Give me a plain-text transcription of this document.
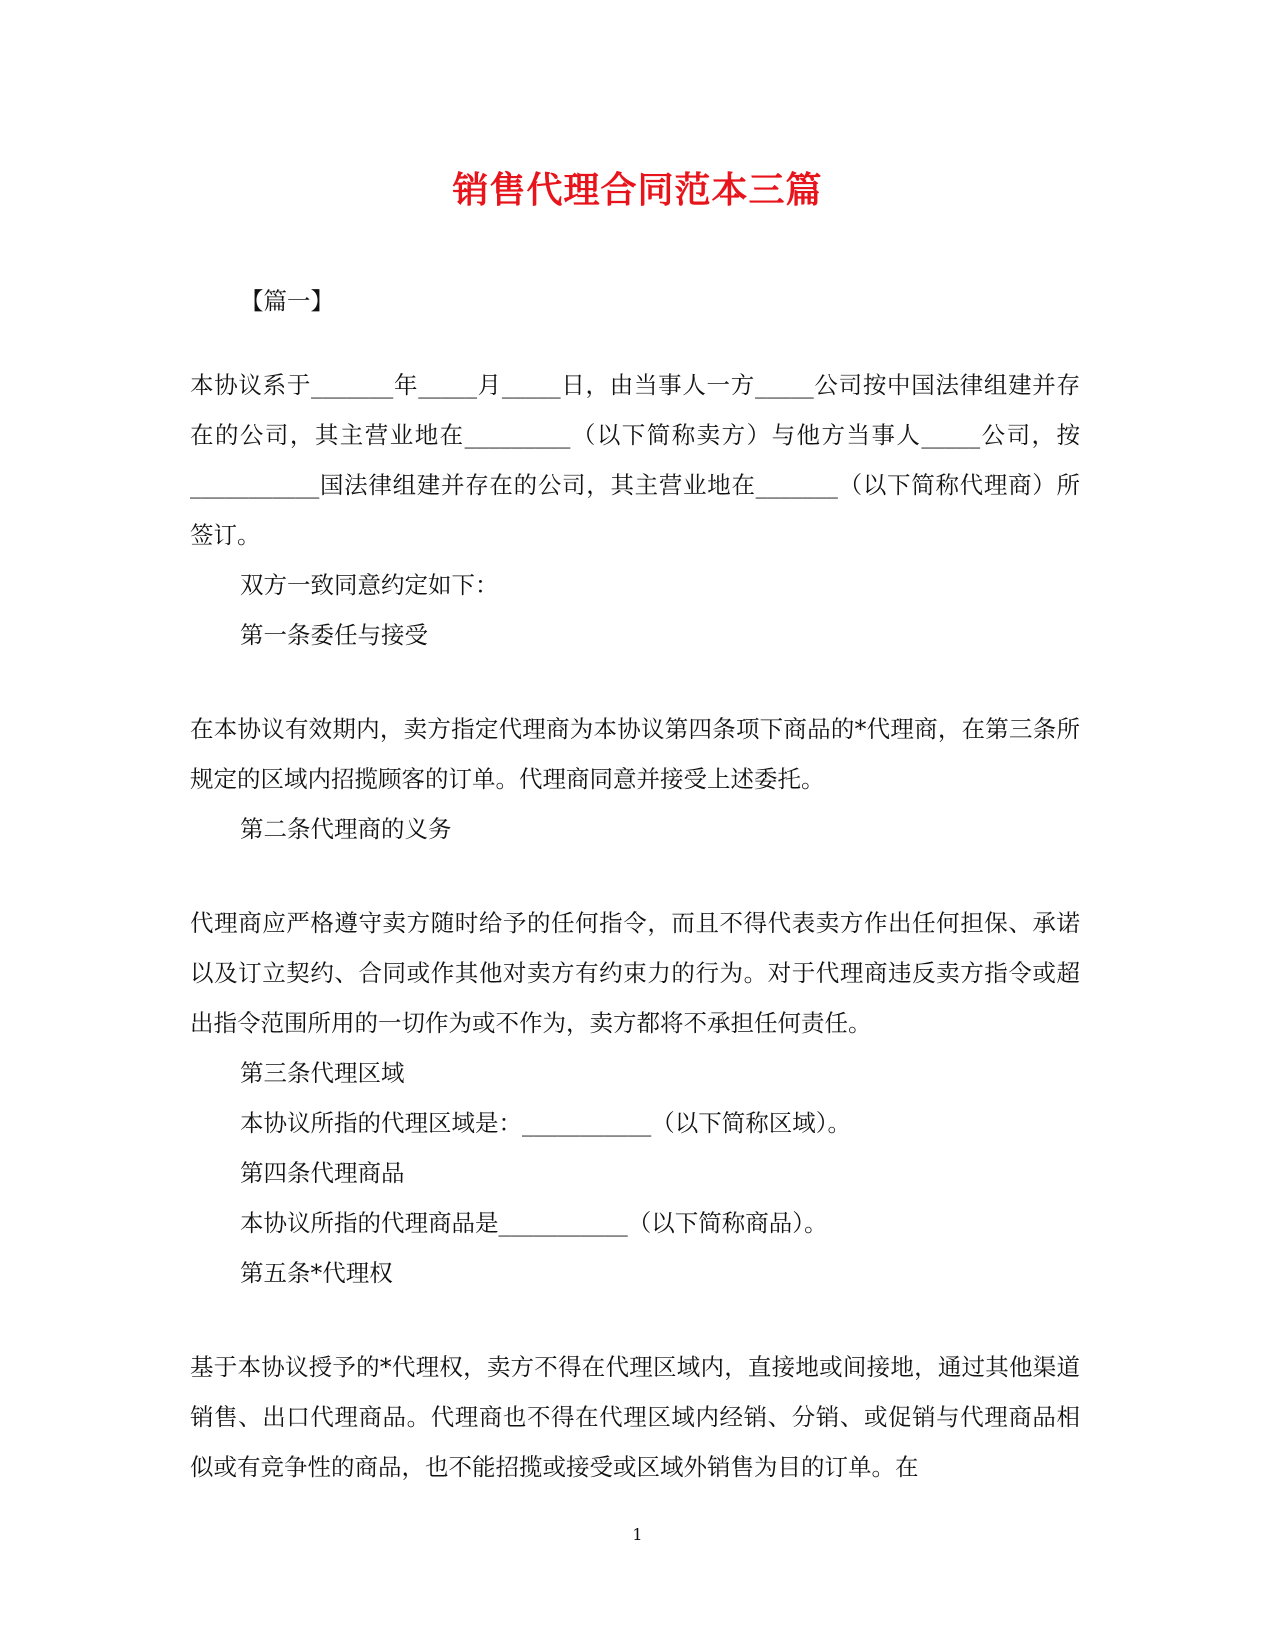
销售代理合同范本三篇

【篇一】

本协议系于_______年_____月_____日，由当事人一方_____公司按中国法律组建并存在的公司，其主营业地在_________（以下简称卖方）与他方当事人_____公司，按___________国法律组建并存在的公司，其主营业地在_______（以下简称代理商）所签订。

双方一致同意约定如下：

第一条委任与接受

在本协议有效期内，卖方指定代理商为本协议第四条项下商品的*代理商，在第三条所规定的区域内招揽顾客的订单。代理商同意并接受上述委托。

第二条代理商的义务

代理商应严格遵守卖方随时给予的任何指令，而且不得代表卖方作出任何担保、承诺以及订立契约、合同或作其他对卖方有约束力的行为。对于代理商违反卖方指令或超出指令范围所用的一切作为或不作为，卖方都将不承担任何责任。

第三条代理区域

本协议所指的代理区域是：___________（以下简称区域）。

第四条代理商品

本协议所指的代理商品是___________（以下简称商品）。

第五条*代理权

基于本协议授予的*代理权，卖方不得在代理区域内，直接地或间接地，通过其他渠道销售、出口代理商品。代理商也不得在代理区域内经销、分销、或促销与代理商品相似或有竞争性的商品，也不能招揽或接受或区域外销售为目的订单。在

1
